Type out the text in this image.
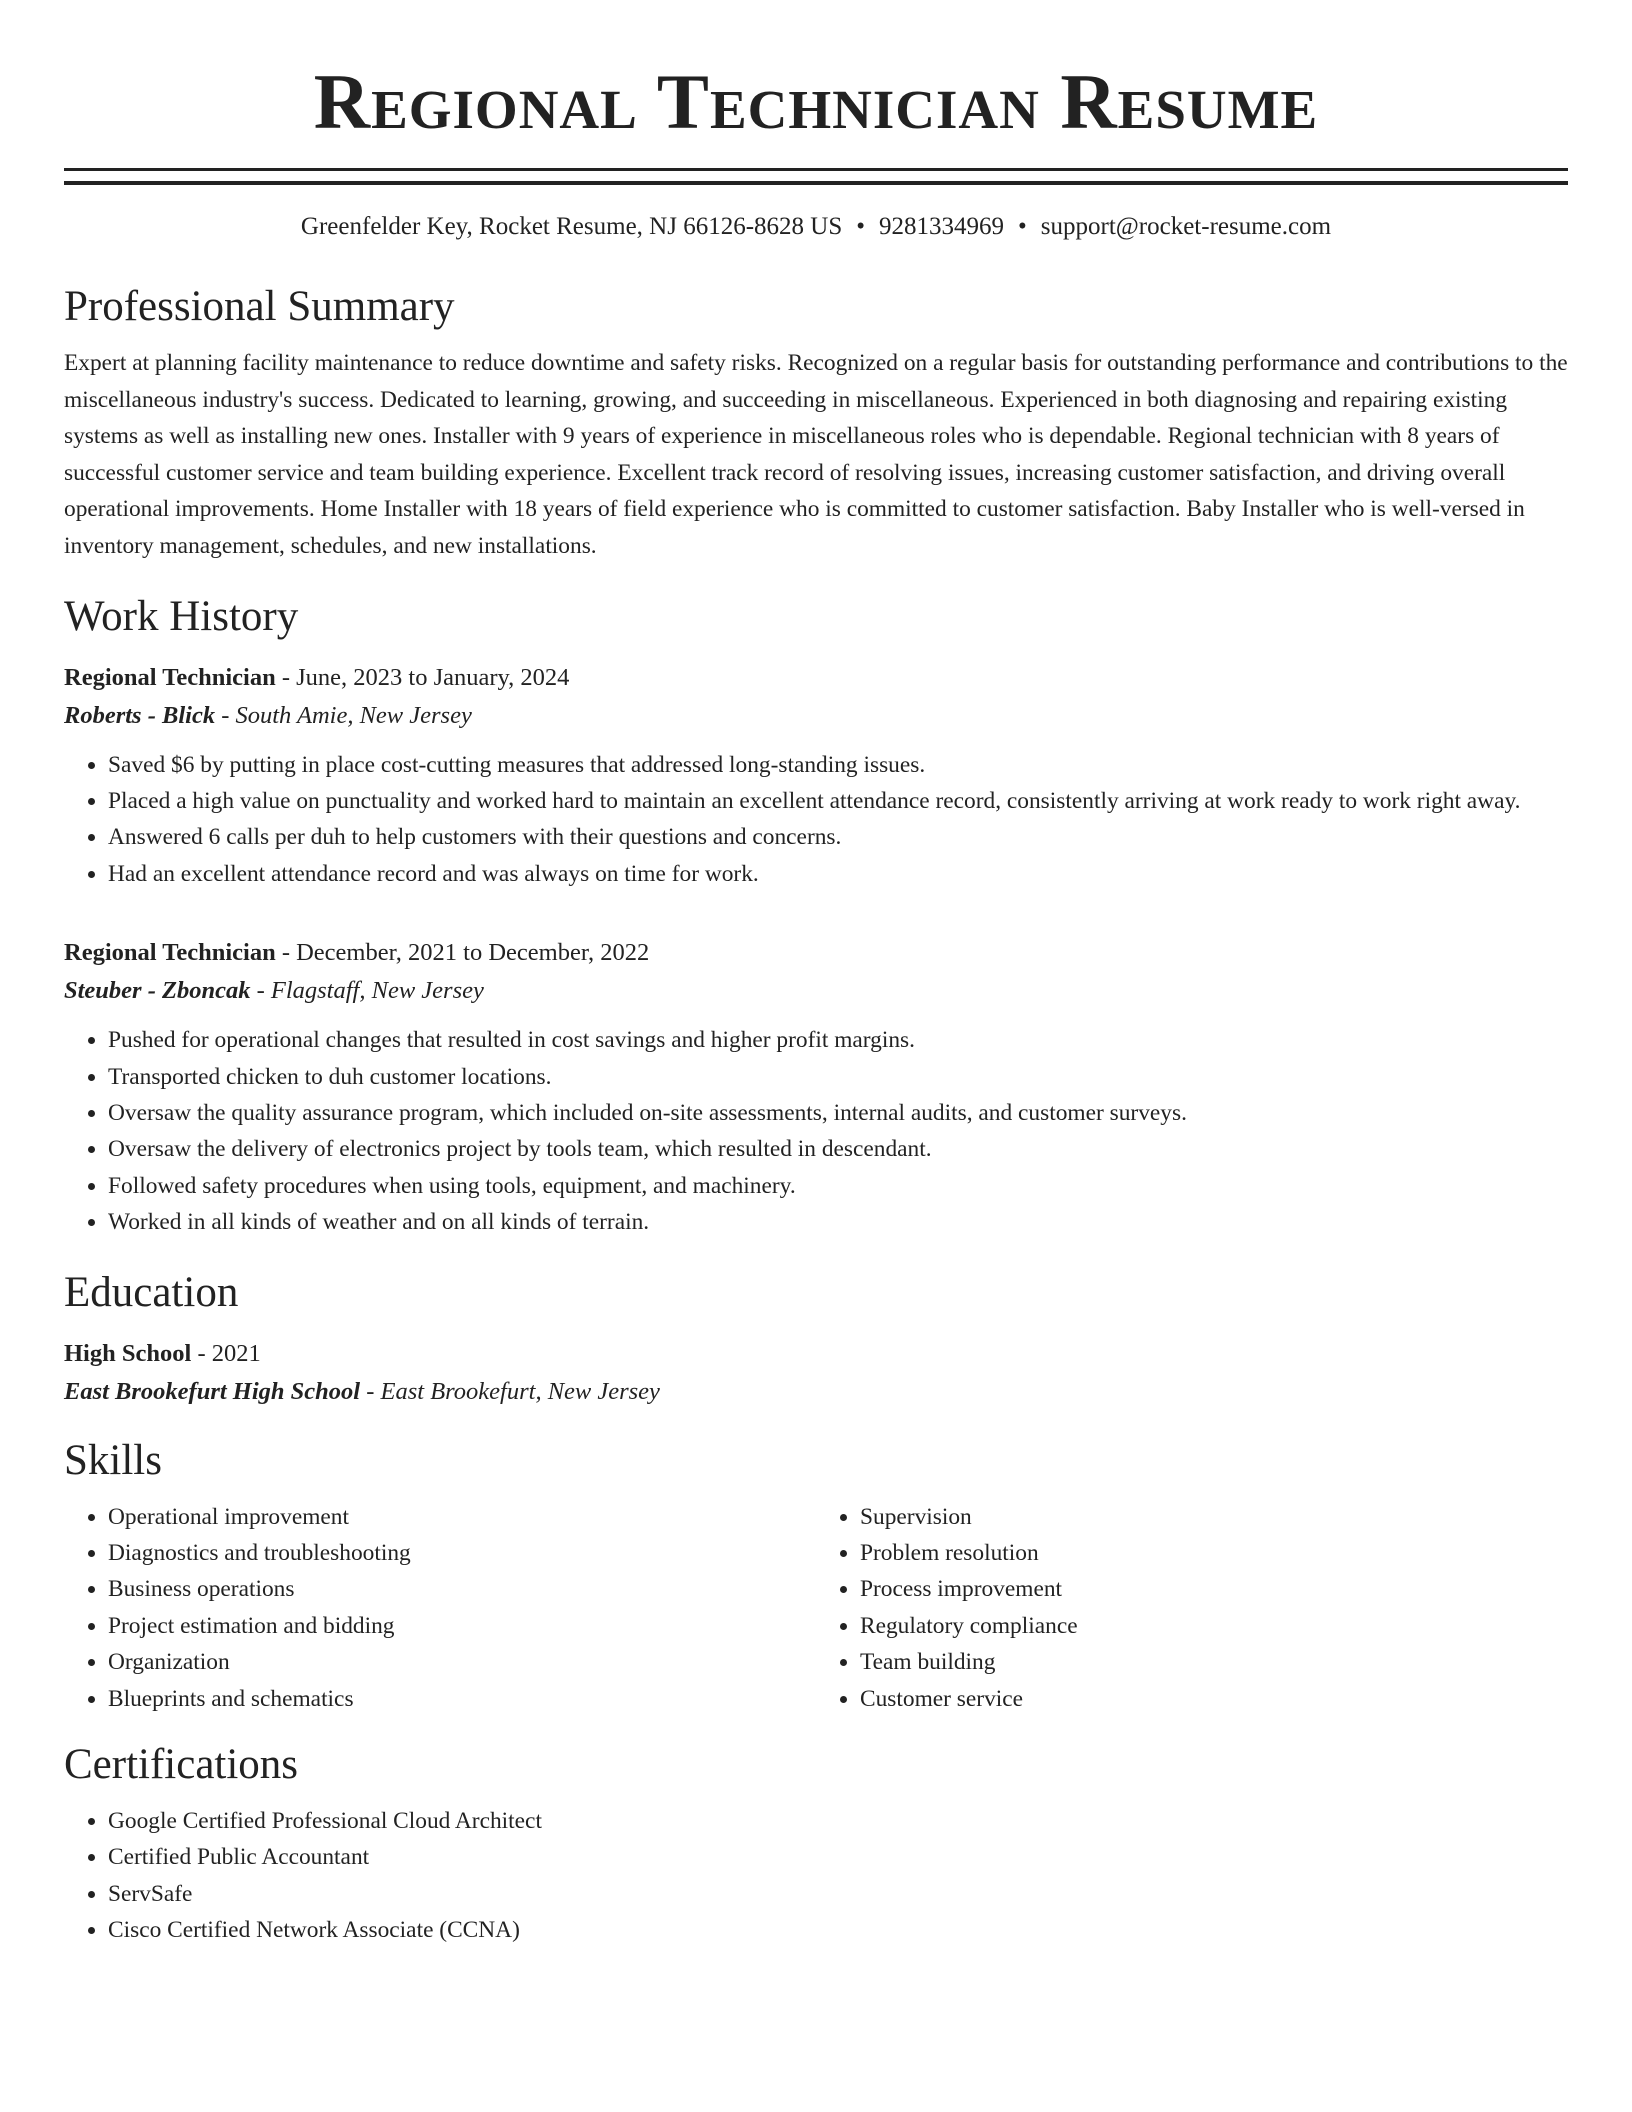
Regional Technician Resume
Greenfelder Key, Rocket Resume, NJ 66126-8628 US • 9281334969 • support@rocket-resume.com
Professional Summary

Expert at planning facility maintenance to reduce downtime and safety risks. Recognized on a regular basis for outstanding performance and contributions to the miscellaneous industry's success. Dedicated to learning, growing, and succeeding in miscellaneous. Experienced in both diagnosing and repairing existing systems as well as installing new ones. Installer with 9 years of experience in miscellaneous roles who is dependable. Regional technician with 8 years of successful customer service and team building experience. Excellent track record of resolving issues, increasing customer satisfaction, and driving overall operational improvements. Home Installer with 18 years of field experience who is committed to customer satisfaction. Baby Installer who is well-versed in inventory management, schedules, and new installations.

Work History
Regional Technician - June, 2023 to January, 2024
Roberts - Blick - South Amie, New Jersey
• Saved $6 by putting in place cost-cutting measures that addressed long-standing issues.
• Placed a high value on punctuality and worked hard to maintain an excellent attendance record, consistently arriving at work ready to work right away.
• Answered 6 calls per duh to help customers with their questions and concerns.
• Had an excellent attendance record and was always on time for work.
Regional Technician - December, 2021 to December, 2022
Steuber - Zboncak - Flagstaff, New Jersey
• Pushed for operational changes that resulted in cost savings and higher profit margins.
• Transported chicken to duh customer locations.
• Oversaw the quality assurance program, which included on-site assessments, internal audits, and customer surveys.
• Oversaw the delivery of electronics project by tools team, which resulted in descendant.
• Followed safety procedures when using tools, equipment, and machinery.
• Worked in all kinds of weather and on all kinds of terrain.
Education
High School - 2021
East Brookefurt High School - East Brookefurt, New Jersey
Skills
• Operational improvement
• Diagnostics and troubleshooting
• Business operations
• Project estimation and bidding
• Organization
• Blueprints and schematics
• Supervision
• Problem resolution
• Process improvement
• Regulatory compliance
• Team building
• Customer service
Certifications
• Google Certified Professional Cloud Architect
• Certified Public Accountant
• ServSafe
• Cisco Certified Network Associate (CCNA)
